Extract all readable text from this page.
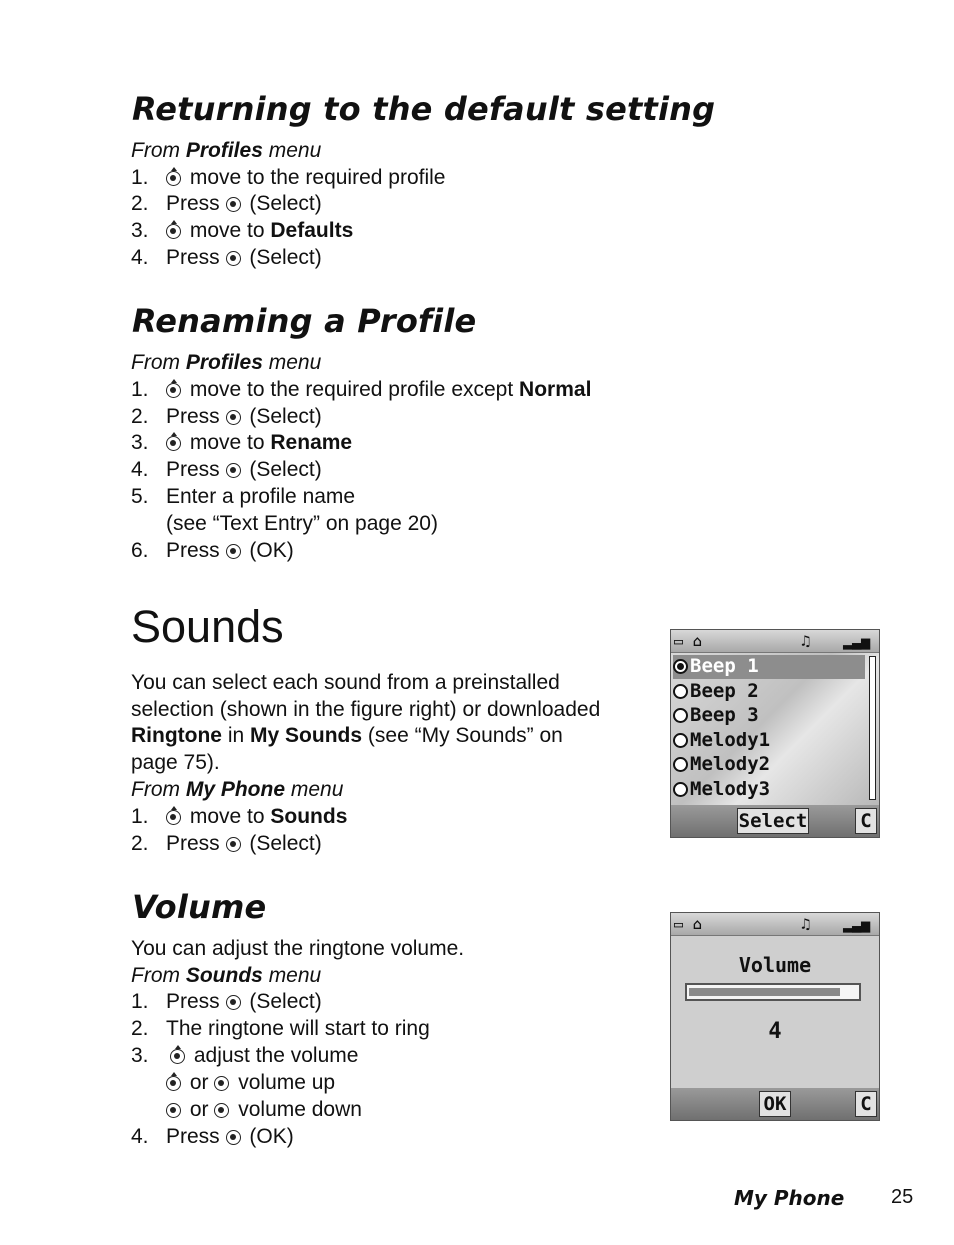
Returning to the default setting
From Profiles menu
1.	move to the required profile
2. Press (Select)
3.	move to Defaults
4. Press (Select)
Renaming a Profile
From Profiles menu
1.	move to the required profile except Normal
2. Press (Select)
3.	move to Rename
4. Press (Select)
5. Enter a profile name
(see “Text Entry” on page 20)
6. Press (OK)
Sounds
You can select each sound from a preinstalled
selection (shown in the figure right) or downloaded
Ringtone in My Sounds (see “My Sounds” on
page 75).
From My Phone menu
1.	move to Sounds
2. Press (Select)
▭ ⌂	♫ ▂▃▅
Beep 1
Beep 2
Beep 3
Melody1
Melody2
Melody3
Select	C
Volume
You can adjust the ringtone volume.
From Sounds menu
1. Press (Select)
2. The ringtone will start to ring
3.	adjust the volume
or volume up
or volume down
4. Press (OK)
▭ ⌂	♫ ▂▃▅
Volume
4
OK	C
My Phone 25
